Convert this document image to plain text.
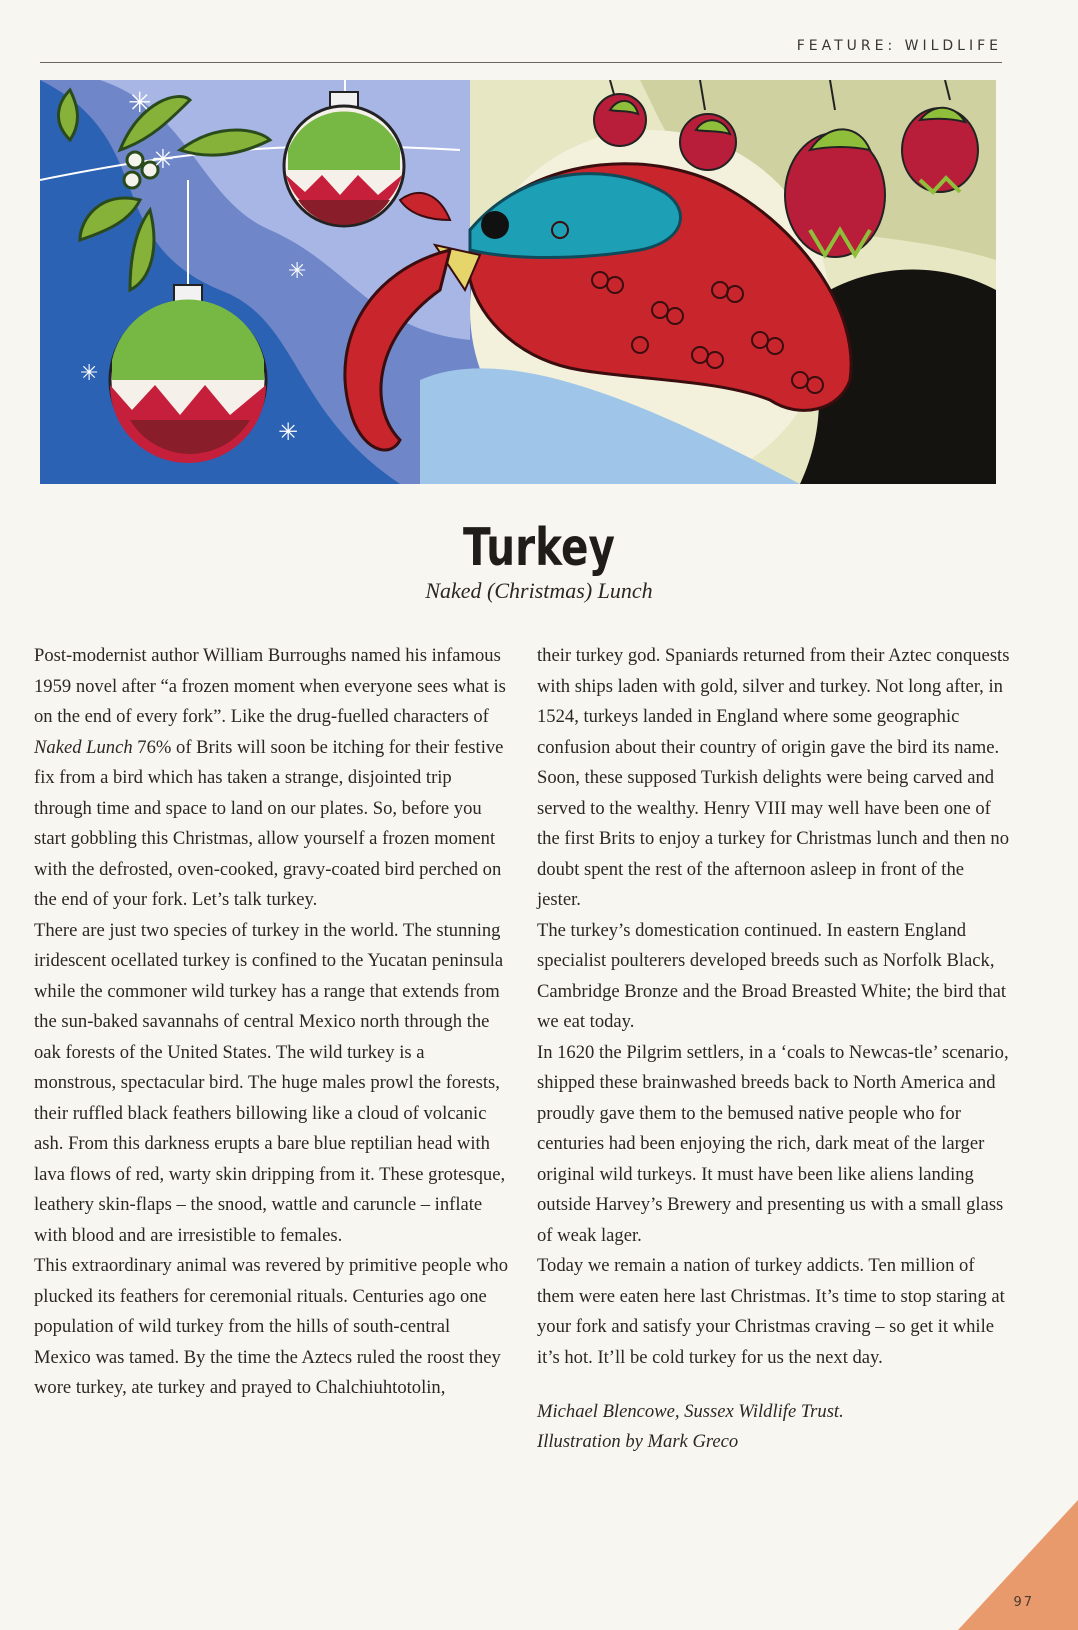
FEATURE: WILDLIFE
✳
✳
✳
✳
✳
Turkey
Naked (Christmas) Lunch

Post-modernist author William Burroughs named his infamous 1959 novel after “a frozen moment when everyone sees what is on the end of every fork”. Like the drug-fuelled characters of Naked Lunch 76% of Brits will soon be itching for their festive fix from a bird which has taken a strange, disjointed trip through time and space to land on our plates. So, before you start gobbling this Christmas, allow yourself a frozen moment with the defrosted, oven-cooked, gravy-coated bird perched on the end of your fork. Let’s talk turkey.

There are just two species of turkey in the world. The stunning iridescent ocellated turkey is confined to the Yucatan peninsula while the commoner wild turkey has a range that extends from the sun-baked savannahs of central Mexico north through the oak forests of the United States. The wild turkey is a monstrous, spectacular bird. The huge males prowl the forests, their ruffled black feathers billowing like a cloud of volcanic ash. From this darkness erupts a bare blue reptilian head with lava flows of red, warty skin dripping from it. These grotesque, leathery skin-flaps – the snood, wattle and caruncle – inflate with blood and are irresistible to females.

This extraordinary animal was revered by primitive people who plucked its feathers for ceremonial rituals. Centuries ago one population of wild turkey from the hills of south-central Mexico was tamed. By the time the Aztecs ruled the roost they wore turkey, ate turkey and prayed to Chalchiuhtotolin,

their turkey god. Spaniards returned from their Aztec conquests with ships laden with gold, silver and turkey. Not long after, in 1524, turkeys landed in England where some geographic confusion about their country of origin gave the bird its name. Soon, these supposed Turkish delights were being carved and served to the wealthy. Henry VIII may well have been one of the first Brits to enjoy a turkey for Christmas lunch and then no doubt spent the rest of the afternoon asleep in front of the jester.

The turkey’s domestication continued. In eastern England specialist poulterers developed breeds such as Norfolk Black, Cambridge Bronze and the Broad Breasted White; the bird that we eat today.

In 1620 the Pilgrim settlers, in a ‘coals to Newcas-tle’ scenario, shipped these brainwashed breeds back to North America and proudly gave them to the bemused native people who for centuries had been enjoying the rich, dark meat of the larger original wild turkeys. It must have been like aliens landing outside Harvey’s Brewery and presenting us with a small glass of weak lager.

Today we remain a nation of turkey addicts. Ten million of them were eaten here last Christmas. It’s time to stop staring at your fork and satisfy your Christmas craving – so get it while it’s hot. It’ll be cold turkey for us the next day.

Michael Blencowe, Sussex Wildlife Trust.
Illustration by Mark Greco
97
